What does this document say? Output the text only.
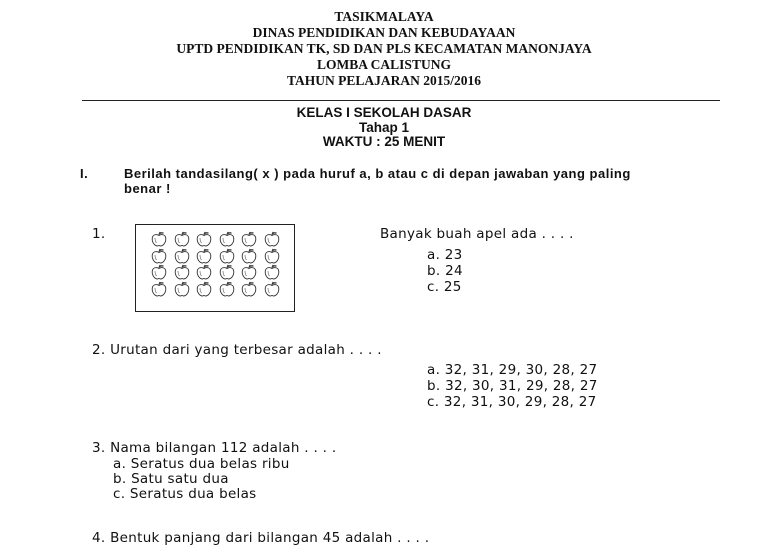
TASIKMALAYA
DINAS PENDIDIKAN DAN KEBUDAYAAN
UPTD PENDIDIKAN TK, SD DAN PLS KECAMATAN MANONJAYA
LOMBA CALISTUNG
TAHUN PELAJARAN 2015/2016
KELAS I SEKOLAH DASAR
Tahap 1
WAKTU : 25 MENIT
I.	Berilah tandasilang( x ) pada huruf a, b atau c di depan jawaban yang paling
benar !
1.	Banyak buah apel ada . . . .
a. 23
b. 24
c. 25
2. Urutan dari yang terbesar adalah . . . .
a. 32, 31, 29, 30, 28, 27
b. 32, 30, 31, 29, 28, 27
c. 32, 31, 30, 29, 28, 27
3. Nama bilangan 112 adalah . . . .
a. Seratus dua belas ribu
b. Satu satu dua
c. Seratus dua belas
4. Bentuk panjang dari bilangan 45 adalah . . . .
